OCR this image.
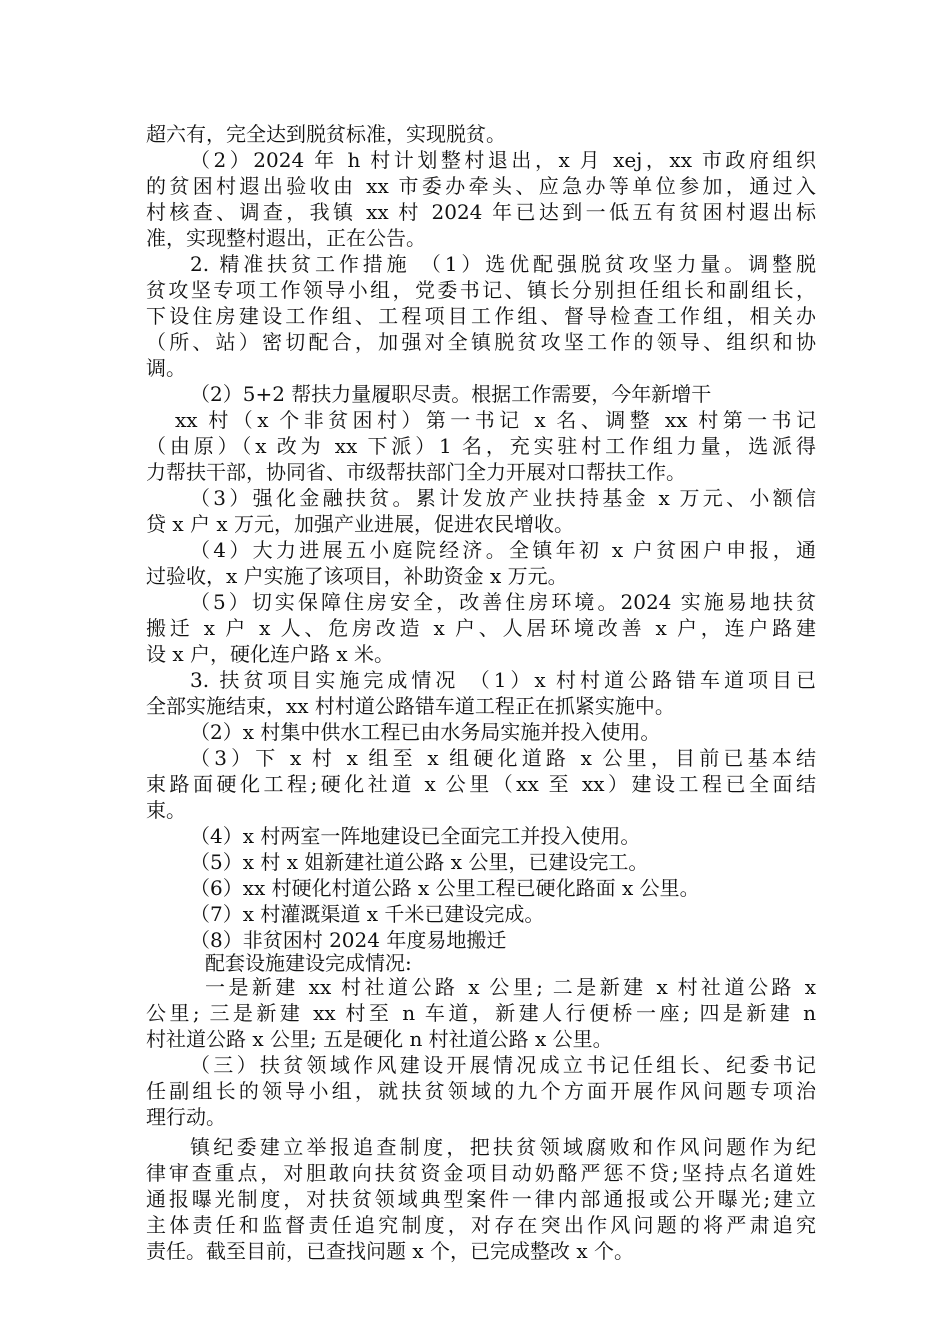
超六有，完全达到脱贫标准，实现脱贫。
（2）2024 年 h 村计划整村退出，x 月 xej，xx 市政府组织
的贫困村遐出验收由 xx 市委办牵头、应急办等单位参加，通过入
村核查、调查，我镇 xx 村 2024 年已达到一低五有贫困村遐出标
准，实现整村遐出，正在公告。
2. 精准扶贫工作措施 （1）选优配强脱贫攻坚力量。调整脱
贫攻坚专项工作领导小组，党委书记、镇长分别担任组长和副组长，
下设住房建设工作组、工程项目工作组、督导检查工作组，相关办
（所、站）密切配合，加强对全镇脱贫攻坚工作的领导、组织和协
调。
（2）5+2 帮扶力量履职尽责。根据工作需要，今年新增干
xx 村（x 个非贫困村）第一书记 x 名、调整 xx 村第一书记
（由原）（x 改为 xx 下派）1 名，充实驻村工作组力量，选派得
力帮扶干部，协同省、市级帮扶部门全力开展对口帮扶工作。
（3）强化金融扶贫。累计发放产业扶持基金 x 万元、小额信
贷 x 户 x 万元，加强产业进展，促进农民增收。
（4）大力进展五小庭院经济。全镇年初 x 户贫困户申报，通
过验收，x 户实施了该项目，补助资金 x 万元。
（5）切实保障住房安全，改善住房环境。2024 实施易地扶贫
搬迁 x 户 x 人、危房改造 x 户、人居环境改善 x 户，连户路建
设 x 户，硬化连户路 x 米。
3. 扶贫项目实施完成情况 （1）x 村村道公路错车道项目已
全部实施结束，xx 村村道公路错车道工程正在抓紧实施中。
（2）x 村集中供水工程已由水务局实施并投入使用。
（3）下 x 村 x 组至 x 组硬化道路 x 公里，目前已基本结
束路面硬化工程;硬化社道 x 公里（xx 至 xx）建设工程已全面结
束。
（4）x 村两室一阵地建设已全面完工并投入使用。
（5）x 村 x 姐新建社道公路 x 公里，已建设完工。
（6）xx 村硬化村道公路 x 公里工程已硬化路面 x 公里。
（7）x 村灌溉渠道 x 千米已建设完成。
（8）非贫困村 2024 年度易地搬迁
配套设施建设完成情况:
一是新建 xx 村社道公路 x 公里; 二是新建 x 村社道公路 x
公里; 三是新建 xx 村至 n 车道，新建人行便桥一座; 四是新建 n
村社道公路 x 公里; 五是硬化 n 村社道公路 x 公里。
（三）扶贫领域作风建设开展情况成立书记任组长、纪委书记
任副组长的领导小组，就扶贫领域的九个方面开展作风问题专项治
理行动。
镇纪委建立举报追查制度，把扶贫领域腐败和作风问题作为纪
律审查重点，对胆敢向扶贫资金项目动奶酪严惩不贷;坚持点名道姓
通报曝光制度，对扶贫领域典型案件一律内部通报或公开曝光;建立
主体责任和监督责任追究制度，对存在突出作风问题的将严肃追究
责任。截至目前，已查找问题 x 个，已完成整改 x 个。
